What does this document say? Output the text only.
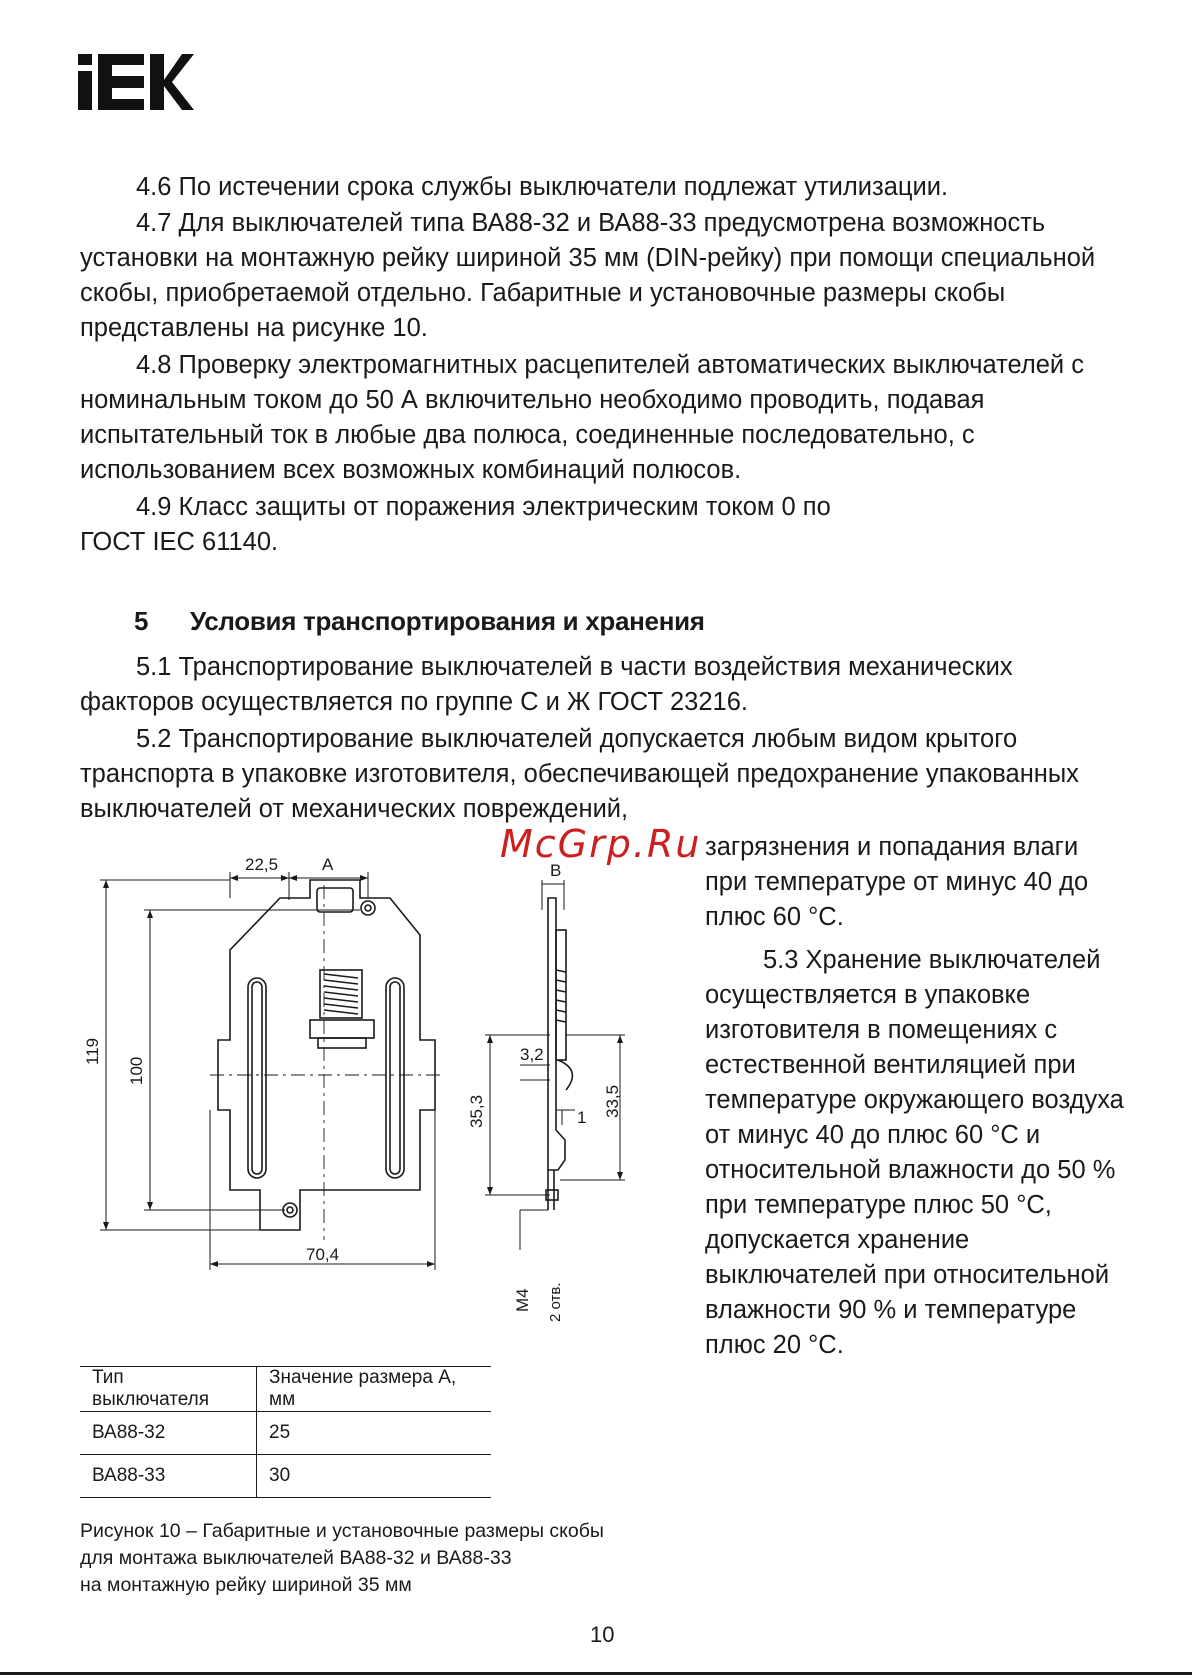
4.6 По истечении срока службы выключатели подлежат утилизации.

4.7 Для выключателей типа ВА88-32 и ВА88-33 предусмотрена возможность установки на монтажную рейку шириной 35 мм (DIN-рейку) при помощи специальной скобы, приобретаемой отдельно. Габаритные и установочные размеры скобы представлены на рисунке 10.

4.8 Проверку электромагнитных расцепителей автоматических выключателей с номинальным током до 50 А включительно необходимо проводить, подавая испытательный ток в любые два полюса, соединенные последовательно, с использованием всех возможных комбинаций полюсов.

4.9 Класс защиты от поражения электрическим током 0 по ГОСТ IEC 61140.

5 Условия транспортирования и хранения

5.1 Транспортирование выключателей в части воздействия механических факторов осуществляется по группе С и Ж ГОСТ 23216.

5.2 Транспортирование выключателей допускается любым видом крытого транспорта в упаковке изготовителя, обеспечивающей предохранение упакованных выключателей от механических повреждений,

McGrp.Ru загрязнения и попадания влаги при температуре от минус 40 до плюс 60 °С.

5.3 Хранение выключателей осуществляется в упаковке изготовителя в помещениях с естественной вентиляцией при температуре окружающего воздуха от минус 40 до плюс 60 °С и относительной влажности до 50 % при температуре плюс 50 °С, допускается хранение выключателей при относительной влажности 90 % и температуре плюс 20 °С.

22,5	A
119
100
70,4
B
3,2
33,5
35,3	1
M4 2 отв.
Тип выключателя	Значение размера А, мм
ВА88-32	25
ВА88-33	30
Рисунок 10 – Габаритные и установочные размеры скобы
для монтажа выключателей ВА88-32 и ВА88-33
на монтажную рейку шириной 35 мм
10
